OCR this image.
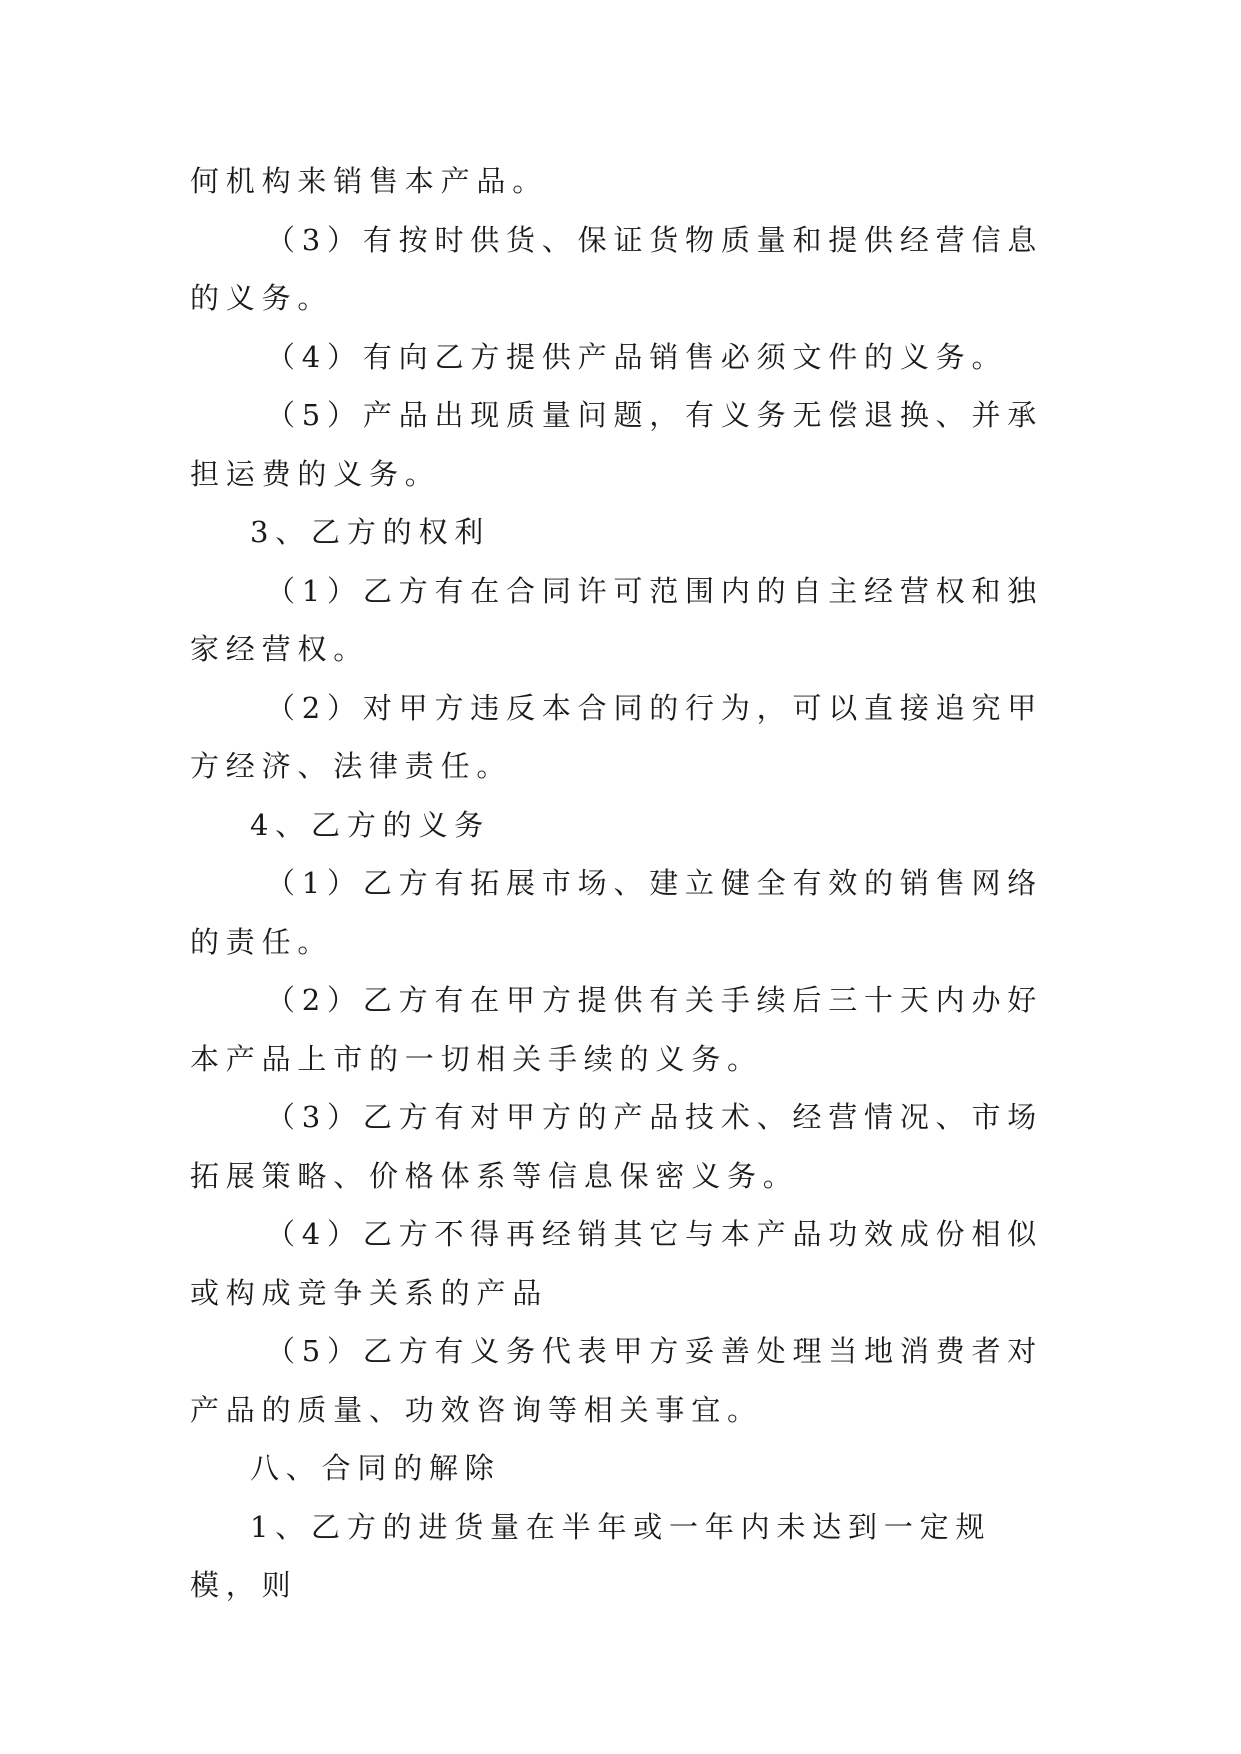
何机构来销售本产品。

（3）有按时供货、保证货物质量和提供经营信息的义务。

（4）有向乙方提供产品销售必须文件的义务。

（5）产品出现质量问题，有义务无偿退换、并承担运费的义务。

3、乙方的权利

（1）乙方有在合同许可范围内的自主经营权和独家经营权。

（2）对甲方违反本合同的行为，可以直接追究甲方经济、法律责任。

4、乙方的义务

（1）乙方有拓展市场、建立健全有效的销售网络的责任。

（2）乙方有在甲方提供有关手续后三十天内办好本产品上市的一切相关手续的义务。

（3）乙方有对甲方的产品技术、经营情况、市场拓展策略、价格体系等信息保密义务。

（4）乙方不得再经销其它与本产品功效成份相似或构成竞争关系的产品

（5）乙方有义务代表甲方妥善处理当地消费者对产品的质量、功效咨询等相关事宜。

八、合同的解除

1、乙方的进货量在半年或一年内未达到一定规模，则
